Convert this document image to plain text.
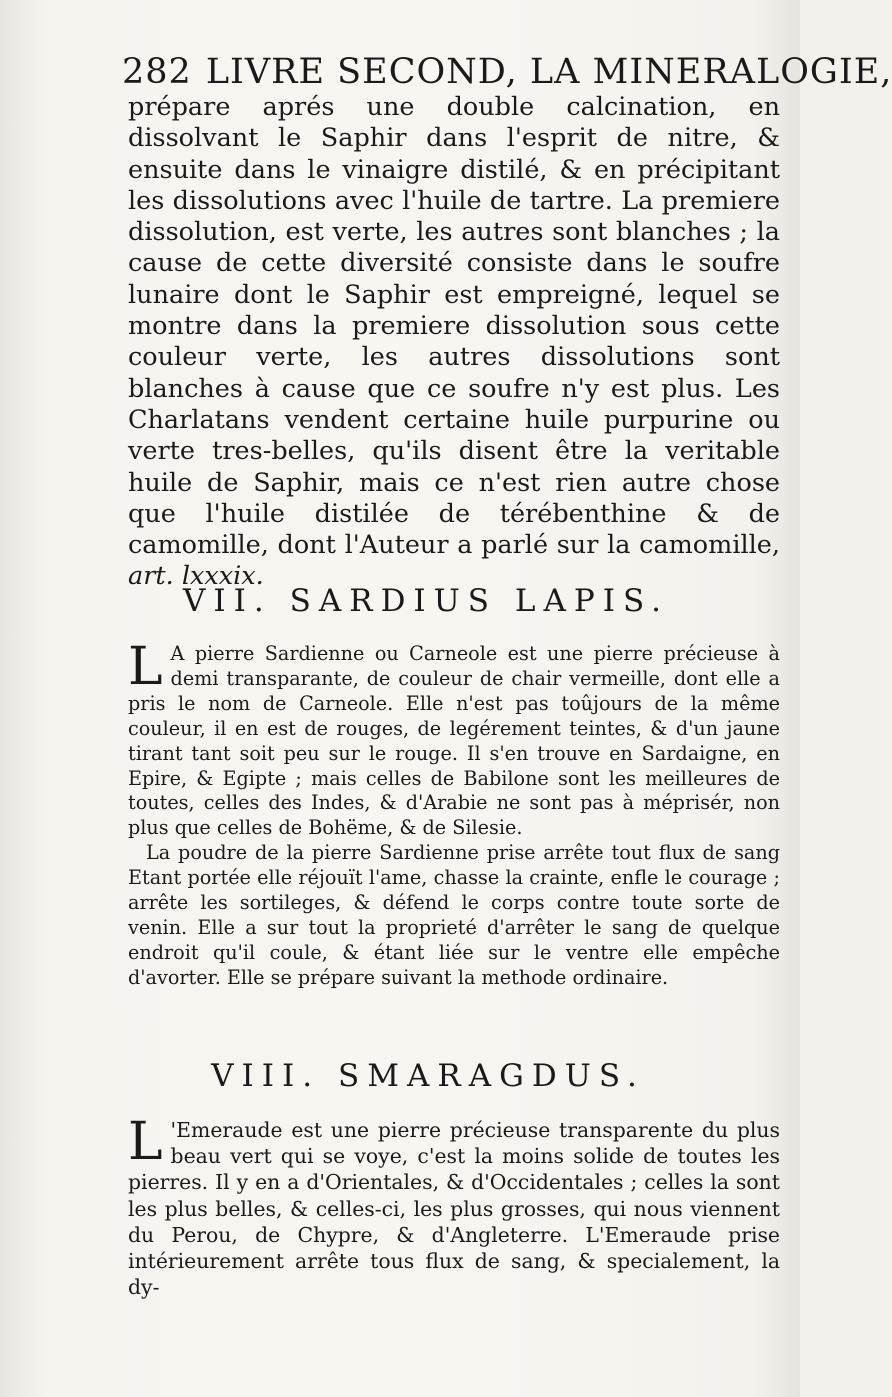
282 LIVRE SECOND, LA MINERALOGIE,

prépare aprés une double calcination, en dissolvant le Saphir dans l'esprit de nitre, & ensuite dans le vinaigre distilé, & en précipitant les dissolutions avec l'huile de tartre. La premiere dissolution, est verte, les autres sont blanches ; la cause de cette diversité consiste dans le soufre lunaire dont le Saphir est empreigné, lequel se montre dans la premiere dissolution sous cette couleur verte, les autres dissolutions sont blanches à cause que ce soufre n'y est plus. Les Charlatans vendent certaine huile purpurine ou verte tres-belles, qu'ils disent être la veritable huile de Saphir, mais ce n'est rien autre chose que l'huile distilée de térébenthine & de camomille, dont l'Auteur a parlé sur la camomille, art. lxxxix.

VII. SARDIUS LAPIS.

L A pierre Sardienne ou Carneole est une pierre précieuse à demi transparante, de couleur de chair vermeille, dont elle a pris le nom de Carneole. Elle n'est pas toûjours de la même couleur, il en est de rouges, de legérement teintes, & d'un jaune tirant tant soit peu sur le rouge. Il s'en trouve en Sardaigne, en Epire, & Egipte ; mais celles de Babilone sont les meilleures de toutes, celles des Indes, & d'Arabie ne sont pas à méprisér, non plus que celles de Bohëme, & de Silesie.

La poudre de la pierre Sardienne prise arrête tout flux de sang Etant portée elle réjouït l'ame, chasse la crainte, enfle le courage ; arrête les sortileges, & défend le corps contre toute sorte de venin. Elle a sur tout la proprieté d'arrêter le sang de quelque endroit qu'il coule, & étant liée sur le ventre elle empêche d'avorter. Elle se prépare suivant la methode ordinaire.

VIII. SMARAGDUS.

L 'Emeraude est une pierre précieuse transparente du plus beau vert qui se voye, c'est la moins solide de toutes les pierres. Il y en a d'Orientales, & d'Occidentales ; celles la sont les plus belles, & celles-ci, les plus grosses, qui nous viennent du Perou, de Chypre, & d'Angleterre. L'Emeraude prise intérieurement arrête tous flux de sang, & specialement, la dy-
